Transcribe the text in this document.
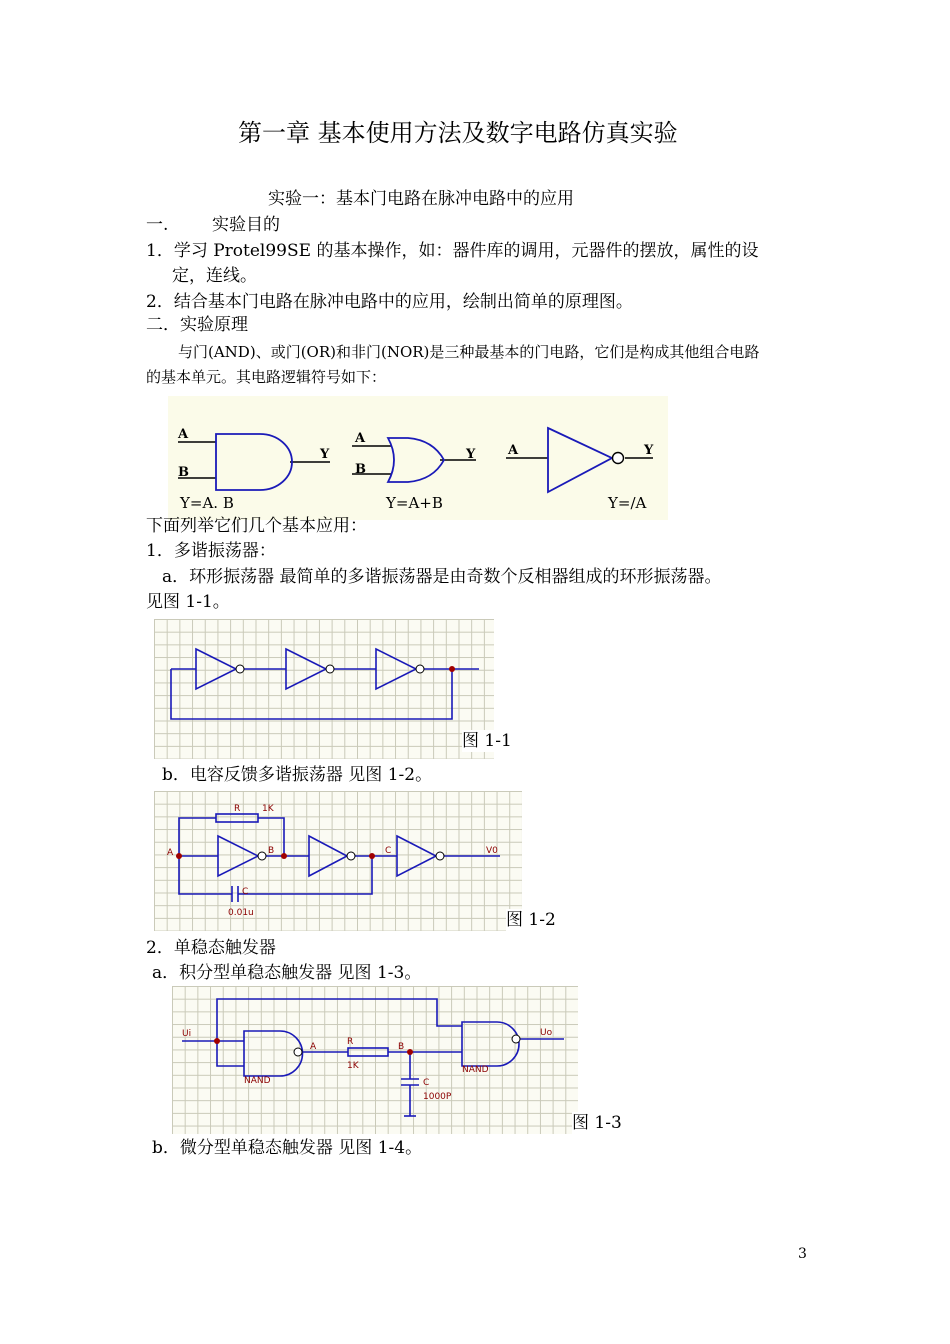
第一章 基本使用方法及数字电路仿真实验
实验一：基本门电路在脉冲电路中的应用
一.	实验目的
1．学习 Protel99SE 的基本操作，如：器件库的调用，元器件的摆放，属性的设
定，连线。
2．结合基本门电路在脉冲电路中的应用，绘制出简单的原理图。
二．实验原理
与门(AND)、或门(OR)和非门(NOR)是三种最基本的门电路，它们是构成其他组合电路
的基本单元。其电路逻辑符号如下：
A
B
Y
A
B
Y	A	Y
Y=A. B	Y=A+B	Y=/A
下面列举它们几个基本应用：
1．多谐振荡器：
a．环形振荡器 最简单的多谐振荡器是由奇数个反相器组成的环形振荡器。
见图 1-1。
图 1-1
b．电容反馈多谐振荡器 见图 1-2。
R 1K
A	B	C	V0
C
0.01u	图 1-2
2．单稳态触发器
a．积分型单稳态触发器 见图 1-3。
Ui	Uo
A	R	B
1K
C
1000P
NAND
NAND
图 1-3
b．微分型单稳态触发器 见图 1-4。
3
